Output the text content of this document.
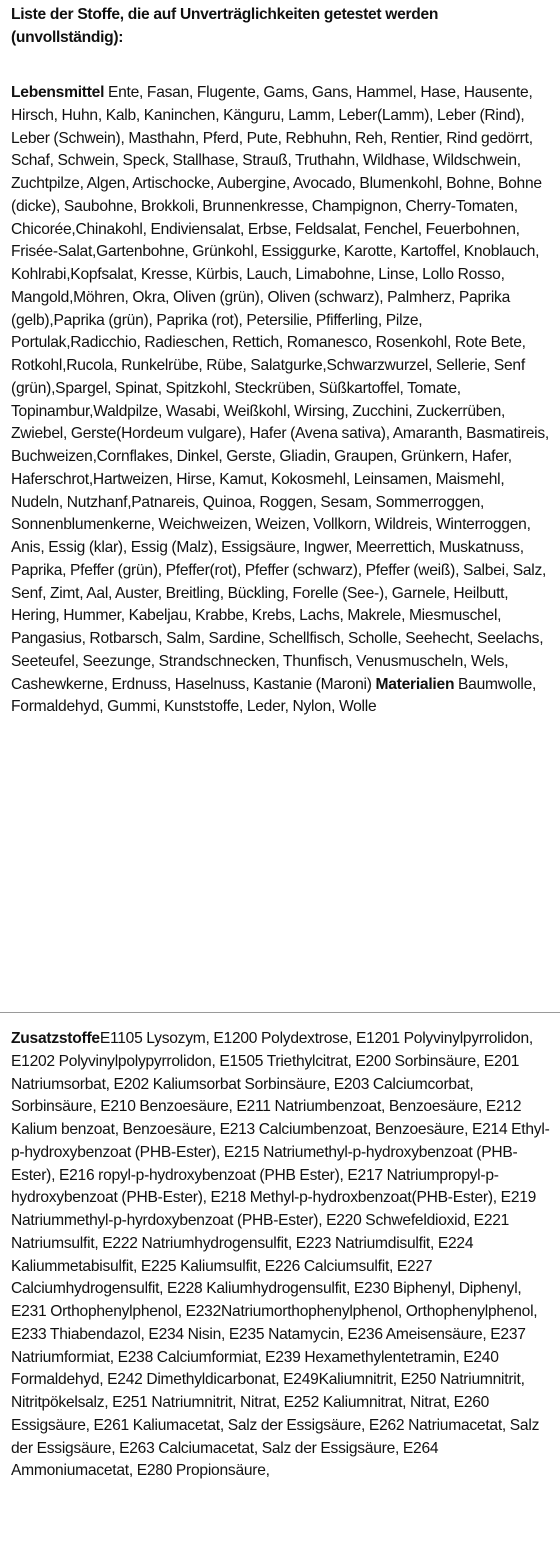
Liste der Stoffe, die auf Unverträglichkeiten getestet werden (unvollständig):

Lebensmittel Ente, Fasan, Flugente, Gams, Gans, Hammel, Hase, Hausente, Hirsch, Huhn, Kalb, Kaninchen, Känguru, Lamm, Leber(Lamm), Leber (Rind), Leber (Schwein), Masthahn, Pferd, Pute, Rebhuhn, Reh, Rentier, Rind gedörrt, Schaf, Schwein, Speck, Stallhase, Strauß, Truthahn, Wildhase, Wildschwein, Zuchtpilze, Algen, Artischocke, Aubergine, Avocado, Blumenkohl, Bohne, Bohne (dicke), Saubohne, Brokkoli, Brunnenkresse, Champignon, Cherry-Tomaten, Chicorée,Chinakohl, Endiviensalat, Erbse, Feldsalat, Fenchel, Feuerbohnen, Frisée-Salat,Gartenbohne, Grünkohl, Essiggurke, Karotte, Kartoffel, Knoblauch, Kohlrabi,Kopfsalat, Kresse, Kürbis, Lauch, Limabohne, Linse, Lollo Rosso, Mangold,Möhren, Okra, Oliven (grün), Oliven (schwarz), Palmherz, Paprika (gelb),Paprika (grün), Paprika (rot), Petersilie, Pfifferling, Pilze, Portulak,Radicchio, Radieschen, Rettich, Romanesco, Rosenkohl, Rote Bete, Rotkohl,Rucola, Runkelrübe, Rübe, Salatgurke,Schwarzwurzel, Sellerie, Senf (grün),Spargel, Spinat, Spitzkohl, Steckrüben, Süßkartoffel, Tomate, Topinambur,Waldpilze, Wasabi, Weißkohl, Wirsing, Zucchini, Zuckerrüben, Zwiebel, Gerste(Hordeum vulgare), Hafer (Avena sativa), Amaranth, Basmatireis, Buchweizen,Cornflakes, Dinkel, Gerste, Gliadin, Graupen, Grünkern, Hafer, Haferschrot,Hartweizen, Hirse, Kamut, Kokosmehl, Leinsamen, Maismehl, Nudeln, Nutzhanf,Patnareis, Quinoa, Roggen, Sesam, Sommerroggen, Sonnenblumenkerne, Weichweizen, Weizen, Vollkorn, Wildreis, Winterroggen, Anis, Essig (klar), Essig (Malz), Essigsäure, Ingwer, Meerrettich, Muskatnuss, Paprika, Pfeffer (grün), Pfeffer(rot), Pfeffer (schwarz), Pfeffer (weiß), Salbei, Salz, Senf, Zimt, Aal, Auster, Breitling, Bückling, Forelle (See-), Garnele, Heilbutt, Hering, Hummer, Kabeljau, Krabbe, Krebs, Lachs, Makrele, Miesmuschel, Pangasius, Rotbarsch, Salm, Sardine, Schellfisch, Scholle, Seehecht, Seelachs, Seeteufel, Seezunge, Strandschnecken, Thunfisch, Venusmuscheln, Wels, Cashewkerne, Erdnuss, Haselnuss, Kastanie (Maroni) Materialien Baumwolle, Formaldehyd, Gummi, Kunststoffe, Leder, Nylon, Wolle

ZusatzstoffeE1105 Lysozym, E1200 Polydextrose, E1201 Polyvinylpyrrolidon, E1202 Polyvinylpolypyrrolidon, E1505 Triethylcitrat, E200 Sorbinsäure, E201 Natriumsorbat, E202 Kaliumsorbat Sorbinsäure, E203 Calciumcorbat, Sorbinsäure, E210 Benzoesäure, E211 Natriumbenzoat, Benzoesäure, E212 Kalium benzoat, Benzoesäure, E213 Calciumbenzoat, Benzoesäure, E214 Ethyl-p-hydroxybenzoat (PHB-Ester), E215 Natriumethyl-p-hydroxybenzoat (PHB-Ester), E216 ropyl-p-hydroxybenzoat (PHB Ester), E217 Natriumpropyl-p-hydroxybenzoat (PHB-Ester), E218 Methyl-p-hydroxbenzoat(PHB-Ester), E219 Natriummethyl-p-hyrdoxybenzoat (PHB-Ester), E220 Schwefeldioxid, E221 Natriumsulfit, E222 Natriumhydrogensulfit, E223 Natriumdisulfit, E224 Kaliummetabisulfit, E225 Kaliumsulfit, E226 Calciumsulfit, E227 Calciumhydrogensulfit, E228 Kaliumhydrogensulfit, E230 Biphenyl, Diphenyl, E231 Orthophenylphenol, E232Natriumorthophenylphenol, Orthophenylphenol, E233 Thiabendazol, E234 Nisin, E235 Natamycin, E236 Ameisensäure, E237 Natriumformiat, E238 Calciumformiat, E239 Hexamethylentetramin, E240 Formaldehyd, E242 Dimethyldicarbonat, E249Kaliumnitrit, E250 Natriumnitrit, Nitritpökelsalz, E251 Natriumnitrit, Nitrat, E252 Kaliumnitrat, Nitrat, E260 Essigsäure, E261 Kaliumacetat, Salz der Essigsäure, E262 Natriumacetat, Salz der Essigsäure, E263 Calciumacetat, Salz der Essigsäure, E264 Ammoniumacetat, E280 Propionsäure,
